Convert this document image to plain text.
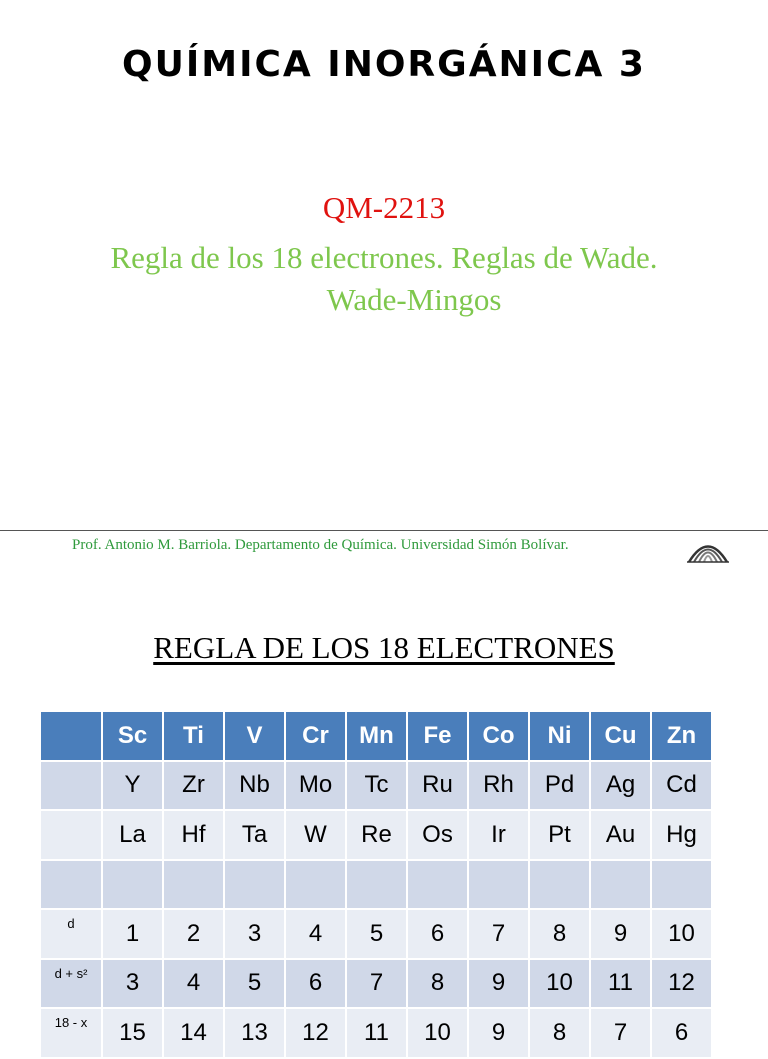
QUÍMICA INORGÁNICA 3
QM-2213
Regla de los 18 electrones. Reglas de Wade.
Wade-Mingos
Prof. Antonio M. Barriola. Departamento de Química. Universidad Simón Bolívar.
REGLA DE LOS 18 ELECTRONES
	Sc	Ti	V	Cr	Mn	Fe	Co	Ni	Cu	Zn
	Y	Zr	Nb	Mo	Tc	Ru	Rh	Pd	Ag	Cd
	La	Hf	Ta	W	Re	Os	Ir	Pt	Au	Hg

d	1	2	3	4	5	6	7	8	9	10
d + s²	3	4	5	6	7	8	9	10	11	12
18 - x	15	14	13	12	11	10	9	8	7	6
